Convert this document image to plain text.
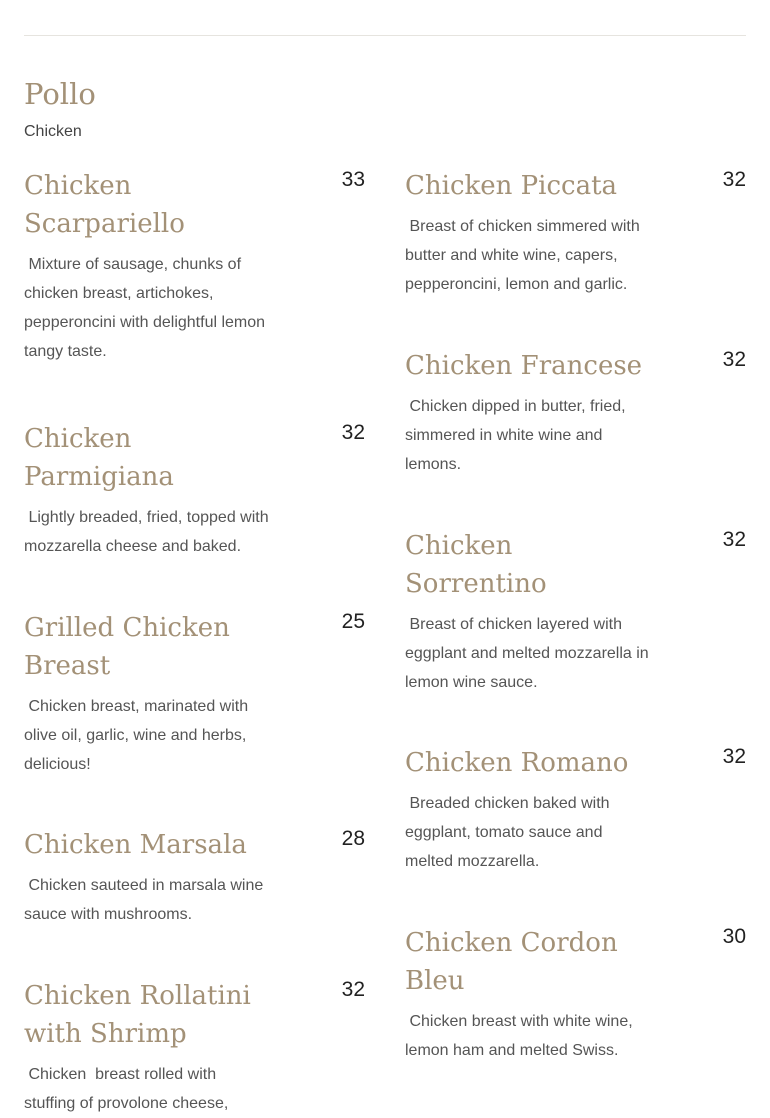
Pollo
Chicken
Chicken Scarpariello
33
Mixture of sausage, chunks of chicken breast, artichokes, pepperoncini with delightful lemon tangy taste.
Chicken Parmigiana
32
Lightly breaded, fried, topped with mozzarella cheese and baked.
Grilled Chicken Breast
25
Chicken breast, marinated with olive oil, garlic, wine and herbs, delicious!
Chicken Marsala	28
Chicken sauteed in marsala wine sauce with mushrooms.
Chicken Rollatini with Shrimp
32
Chicken  breast rolled with stuffing of provolone cheese,
Chicken Piccata	32
Breast of chicken simmered with butter and white wine, capers, pepperoncini, lemon and garlic.
Chicken Francese	32
Chicken dipped in butter, fried, simmered in white wine and lemons.
Chicken Sorrentino
32
Breast of chicken layered with eggplant and melted mozzarella in lemon wine sauce.
Chicken Romano	32
Breaded chicken baked with eggplant, tomato sauce and melted mozzarella.
Chicken Cordon Bleu
30
Chicken breast with white wine, lemon ham and melted Swiss.
